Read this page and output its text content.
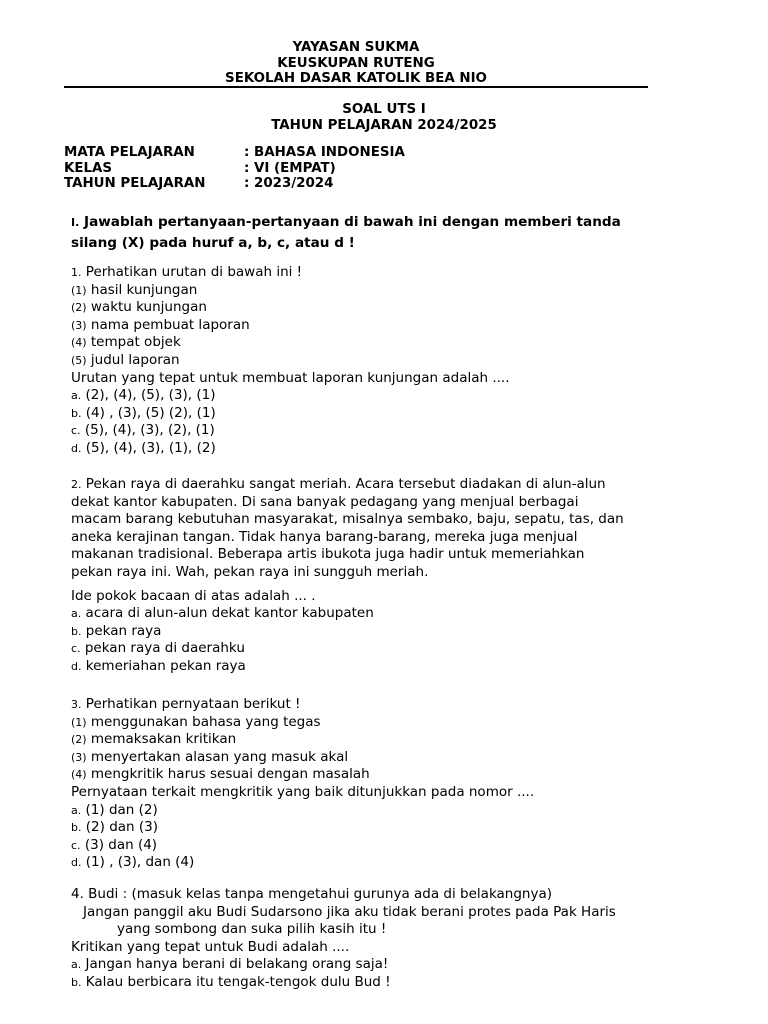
YAYASAN SUKMA
KEUSKUPAN RUTENG
SEKOLAH DASAR KATOLIK BEA NIO
SOAL UTS I
TAHUN PELAJARAN 2024/2025
MATA PELAJARAN	: BAHASA INDONESIA
KELAS	: VI (EMPAT)
TAHUN PELAJARAN	: 2023/2024
I. Jawablah pertanyaan-pertanyaan di bawah ini dengan memberi tanda
silang (X) pada huruf a, b, c, atau d !

1. Perhatikan urutan di bawah ini !

(1) hasil kunjungan

(2) waktu kunjungan

(3) nama pembuat laporan

(4) tempat objek

(5) judul laporan

Urutan yang tepat untuk membuat laporan kunjungan adalah ....

a. (2), (4), (5), (3), (1)

b. (4) , (3), (5) (2), (1)

c. (5), (4), (3), (2), (1)

d. (5), (4), (3), (1), (2)

2. Pekan raya di daerahku sangat meriah. Acara tersebut diadakan di alun-alun

dekat kantor kabupaten. Di sana banyak pedagang yang menjual berbagai

macam barang kebutuhan masyarakat, misalnya sembako, baju, sepatu, tas, dan

aneka kerajinan tangan. Tidak hanya barang-barang, mereka juga menjual

makanan tradisional. Beberapa artis ibukota juga hadir untuk memeriahkan

pekan raya ini. Wah, pekan raya ini sungguh meriah.

Ide pokok bacaan di atas adalah ... .

a. acara di alun-alun dekat kantor kabupaten

b. pekan raya

c. pekan raya di daerahku

d. kemeriahan pekan raya

3. Perhatikan pernyataan berikut !

(1) menggunakan bahasa yang tegas

(2) memaksakan kritikan

(3) menyertakan alasan yang masuk akal

(4) mengkritik harus sesuai dengan masalah

Pernyataan terkait mengkritik yang baik ditunjukkan pada nomor ....

a. (1) dan (2)

b. (2) dan (3)

c. (3) dan (4)

d. (1) , (3), dan (4)

4. Budi : (masuk kelas tanpa mengetahui gurunya ada di belakangnya)

Jangan panggil aku Budi Sudarsono jika aku tidak berani protes pada Pak Haris

yang sombong dan suka pilih kasih itu !

Kritikan yang tepat untuk Budi adalah ....

a. Jangan hanya berani di belakang orang saja!

b. Kalau berbicara itu tengak-tengok dulu Bud !
